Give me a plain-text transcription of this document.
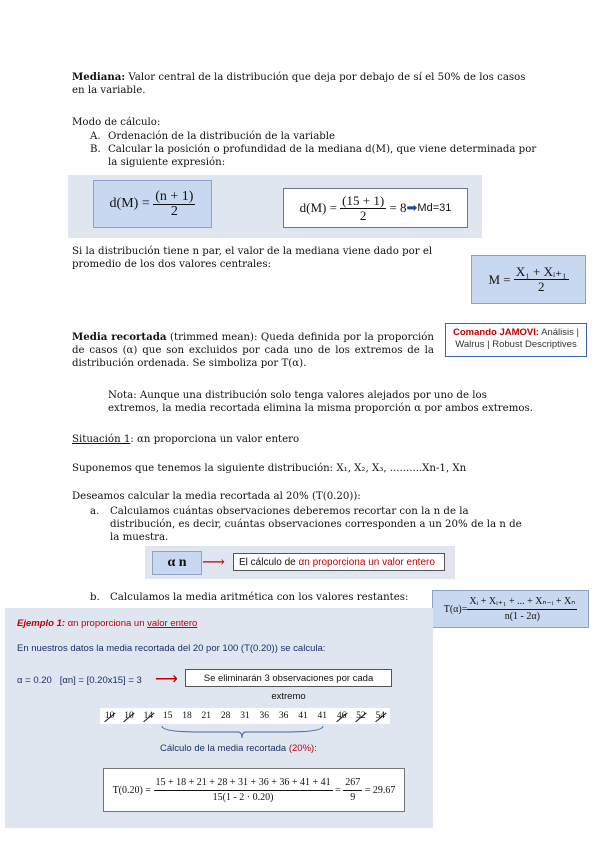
Mediana: Valor central de la distribución que deja por debajo de sí el 50% de los casos en la variable.
Modo de cálculo:
A. Ordenación de la distribución de la variable
B. Calcular la posición o profundidad de la mediana d(M), que viene determinada por la siguiente expresión:
d(M) =
$\frac{(n + 1)}{2}$	d(M) =
$\frac{(15 + 1)}{2}$
= 8 ➡ Md=31
Si la distribución tiene n par, el valor de la mediana viene dado por el promedio de los dos valores centrales:
M =
$\frac{\text{X₁ + Xᵢ₊₁}}{2}$
Media recortada (trimmed mean): Queda definida por la proporción de casos (α) que son excluidos por cada uno de los extremos de la distribución ordenada. Se simboliza por T(α).
Comando JAMOVI: Análisis | Walrus | Robust Descriptives
Nota: Aunque una distribución solo tenga valores alejados por uno de los extremos, la media recortada elimina la misma proporción α por ambos extremos.
Situación 1: αn proporciona un valor entero
Suponemos que tenemos la siguiente distribución: X₁, X₂, X₃, ..........Xn-1, Xn
Deseamos calcular la media recortada al 20% (T(0.20)):
a.	Calculamos cuántas observaciones deberemos recortar con la n de la distribución, es decir, cuántas observaciones corresponden a un 20% de la n de la muestra.
α n ⟶	El cálculo de αn proporciona un valor entero
b.	Calculamos la media aritmética con los valores restantes:
$T(\alpha)= \frac{\text{Xᵢ + Xᵢ₊₁ + ... + Xₙ₋ᵢ + Xₙ}}{n(1 - 2\alpha)}$
Ejemplo 1: αn proporciona un valor entero
En nuestros datos la media recortada del 20 por 100 (T(0.20)) se calcula:
α = 0.20   [αn] = [0.20x15] = 3 ⟶	Se eliminarán 3 observaciones por cada extremo
10 10 14 15 18 21 28 31 36 36 41 41 46 52 54
Cálculo de la media recortada (20%):
T(0.20) =
$\frac{15 + 18 + 21 + 28 + 31 + 36 + 36 + 41 + 41}{15(1 - 2 \cdot 0.20)}$
=
$\frac{267}{9}$
= 29.67
